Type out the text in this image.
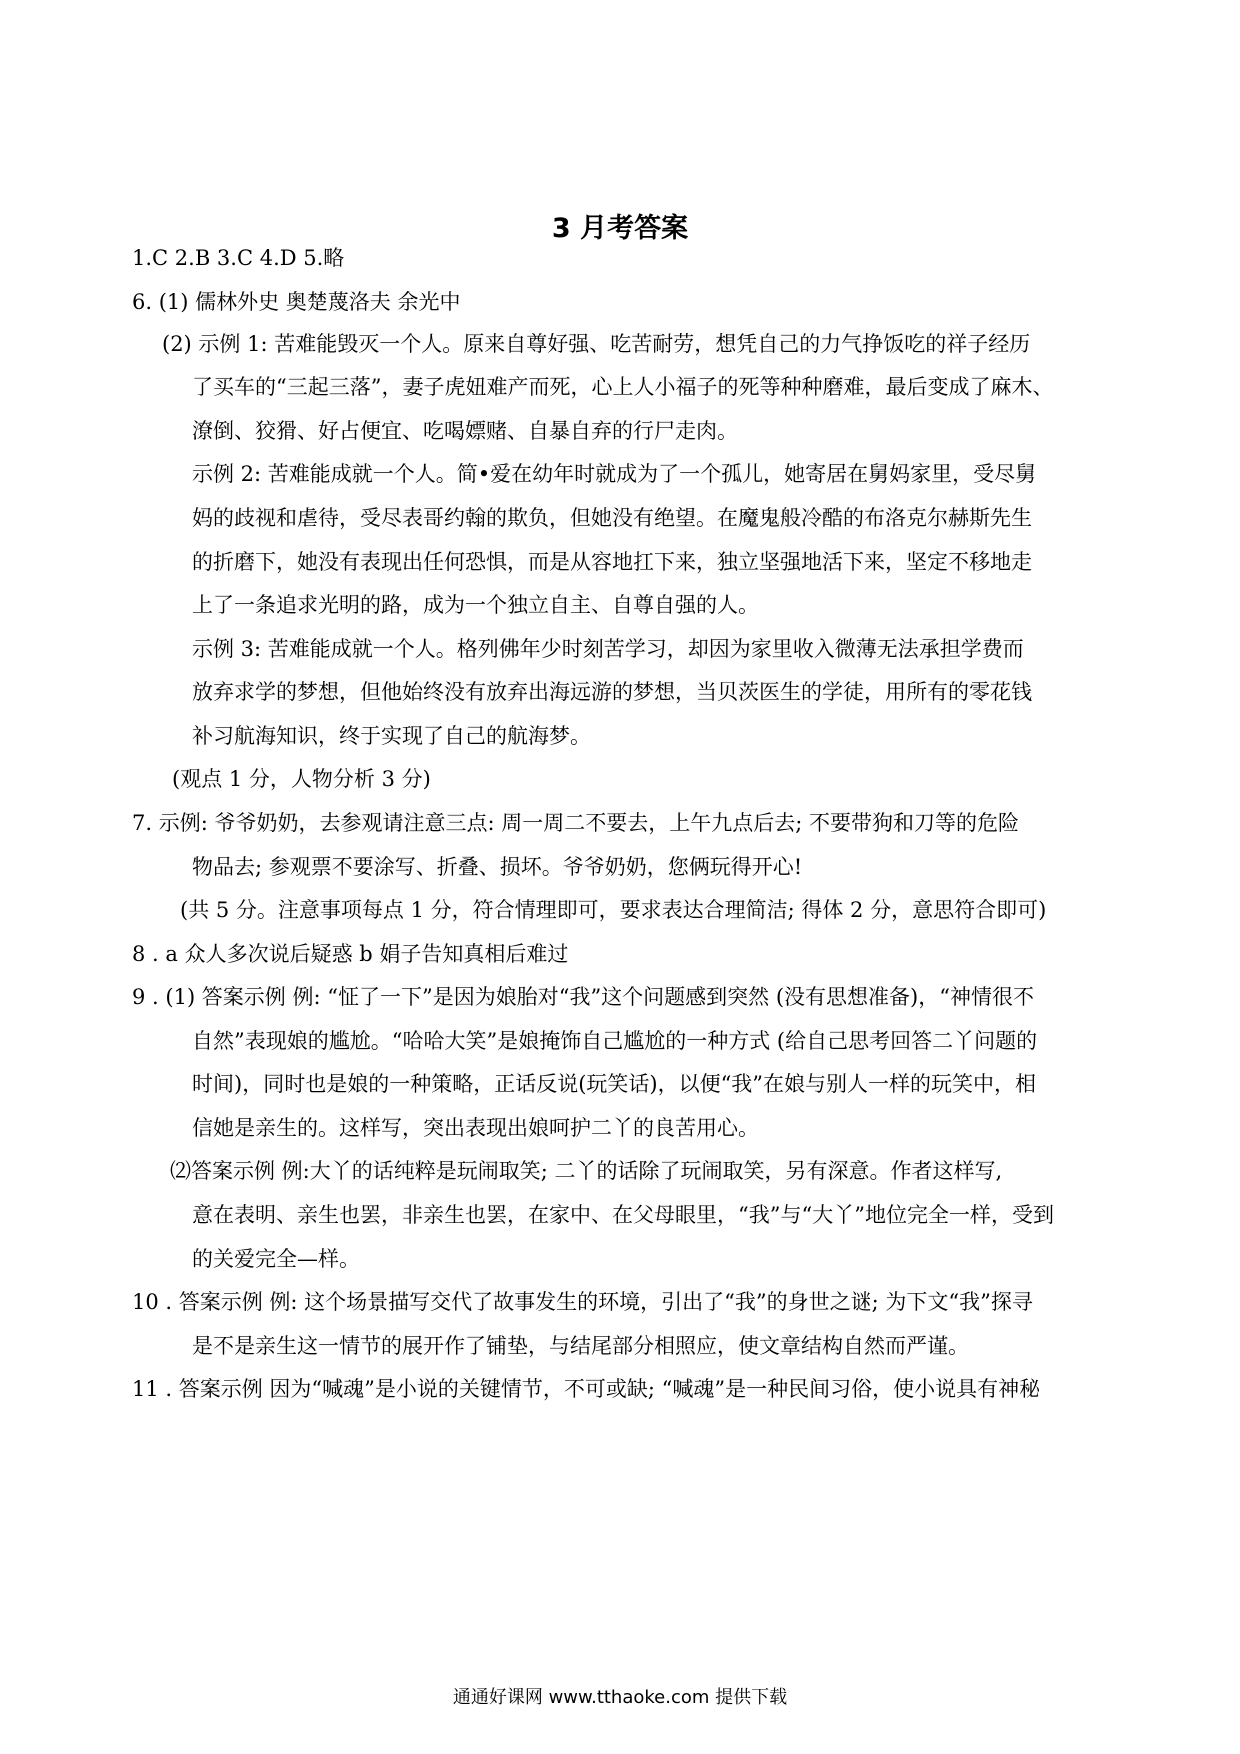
3 月考答案
1.C 2.B 3.C 4.D 5.略
6. (1) 儒林外史 奥楚蔑洛夫 余光中
(2) 示例 1: 苦难能毁灭一个人。原来自尊好强、吃苦耐劳，想凭自己的力气挣饭吃的祥子经历
了买车的“三起三落”，妻子虎妞难产而死，心上人小福子的死等种种磨难，最后变成了麻木、
潦倒、狡猾、好占便宜、吃喝嫖赌、自暴自弃的行尸走肉。
示例 2: 苦难能成就一个人。简•爱在幼年时就成为了一个孤儿，她寄居在舅妈家里，受尽舅
妈的歧视和虐待，受尽表哥约翰的欺负，但她没有绝望。在魔鬼般冷酷的布洛克尔赫斯先生
的折磨下，她没有表现出任何恐惧，而是从容地扛下来，独立坚强地活下来，坚定不移地走
上了一条追求光明的路，成为一个独立自主、自尊自强的人。
示例 3: 苦难能成就一个人。格列佛年少时刻苦学习，却因为家里收入微薄无法承担学费而
放弃求学的梦想，但他始终没有放弃出海远游的梦想，当贝茨医生的学徒，用所有的零花钱
补习航海知识，终于实现了自己的航海梦。
(观点 1 分，人物分析 3 分)
7. 示例: 爷爷奶奶，去参观请注意三点: 周一周二不要去，上午九点后去; 不要带狗和刀等的危险
物品去; 参观票不要涂写、折叠、损坏。爷爷奶奶，您俩玩得开心!
(共 5 分。注意事项每点 1 分，符合情理即可，要求表达合理简洁; 得体 2 分，意思符合即可)
8 . a 众人多次说后疑惑 b 娟子告知真相后难过
9 . (1) 答案示例 例: “怔了一下”是因为娘胎对“我”这个问题感到突然 (没有思想准备)，“神情很不
自然”表现娘的尴尬。“哈哈大笑”是娘掩饰自己尴尬的一种方式 (给自己思考回答二丫问题的
时间)，同时也是娘的一种策略，正话反说(玩笑话)，以便“我”在娘与别人一样的玩笑中，相
信她是亲生的。这样写，突出表现出娘呵护二丫的良苦用心。
⑵答案示例 例:大丫的话纯粹是玩闹取笑; 二丫的话除了玩闹取笑，另有深意。作者这样写,
意在表明、亲生也罢，非亲生也罢，在家中、在父母眼里，“我”与“大丫”地位完全一样，受到
的关爱完全—样。
10 . 答案示例 例: 这个场景描写交代了故事发生的环境，引出了“我”的身世之谜; 为下文“我”探寻
是不是亲生这一情节的展开作了铺垫，与结尾部分相照应，使文章结构自然而严谨。
11 . 答案示例 因为“喊魂”是小说的关键情节，不可或缺; “喊魂”是一种民间习俗，使小说具有神秘
通通好课网 www.tthaoke.com 提供下载
